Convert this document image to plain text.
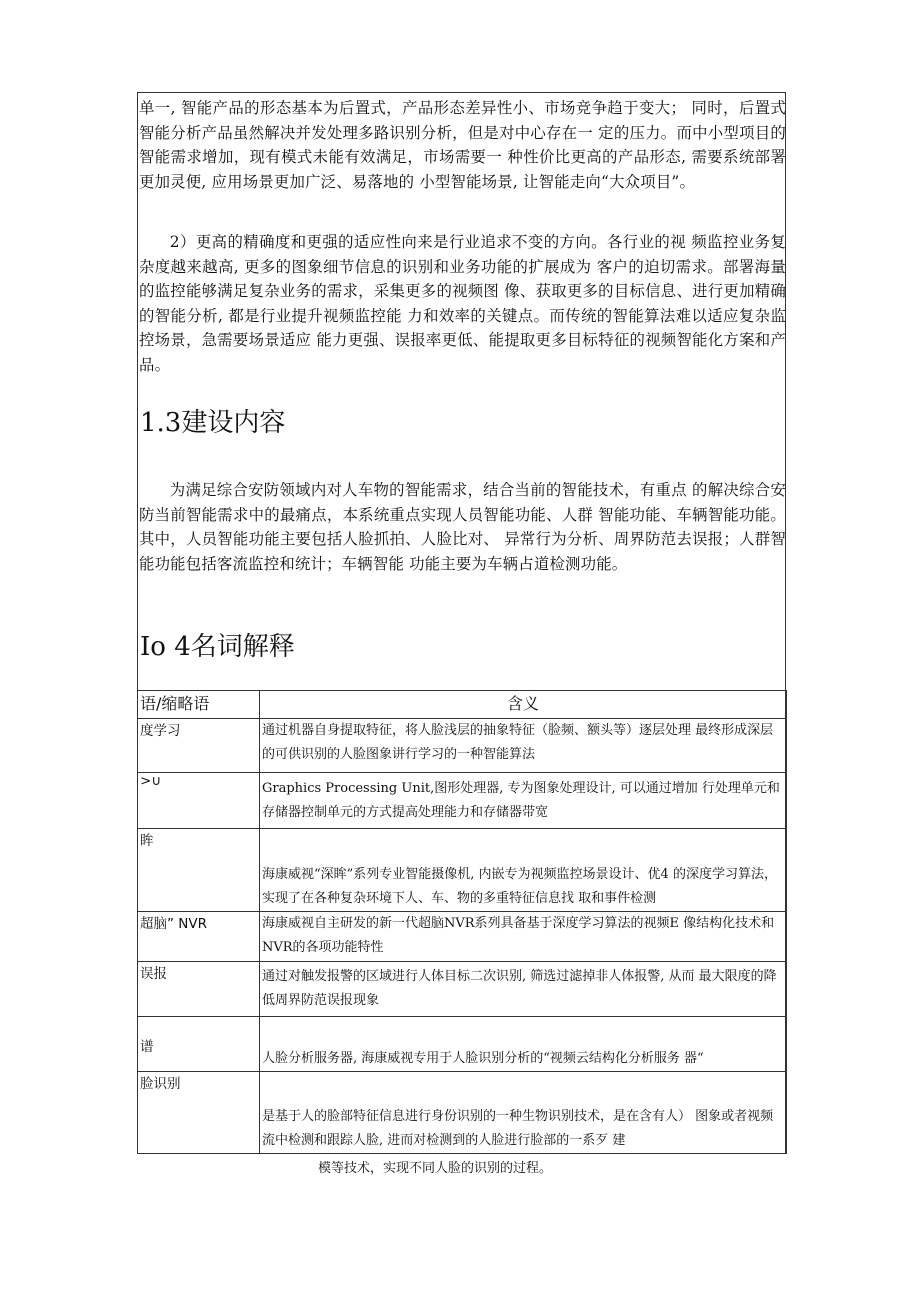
单一, 智能产品的形态基本为后置式，产品形态差异性小、市场竞争趋于变大； 同时，后置式智能分析产品虽然解决并发处理多路识别分析，但是对中心存在一 定的压力。而中小型项目的智能需求增加，现有模式未能有效满足，市场需要一 种性价比更高的产品形态, 需要系统部署更加灵便, 应用场景更加广泛、易落地的 小型智能场景, 让智能走向“大众项目”。

2）更高的精确度和更强的适应性向来是行业追求不变的方向。各行业的视 频监控业务复杂度越来越高, 更多的图象细节信息的识别和业务功能的扩展成为 客户的迫切需求。部署海量的监控能够满足复杂业务的需求，采集更多的视频图 像、获取更多的目标信息、进行更加精确的智能分析, 都是行业提升视频监控能 力和效率的关键点。而传统的智能算法难以适应复杂监控场景，急需要场景适应 能力更强、误报率更低、能提取更多目标特征的视频智能化方案和产品。

1.3建设内容

为满足综合安防领域内对人车物的智能需求，结合当前的智能技术，有重点 的解决综合安防当前智能需求中的最痛点，本系统重点实现人员智能功能、人群 智能功能、车辆智能功能。其中，人员智能功能主要包括人脸抓拍、人脸比对、 异常行为分析、周界防范去误报；人群智能功能包括客流监控和统计；车辆智能 功能主要为车辆占道检测功能。

Io 4名词解释
语/缩略语	含义
度学习	通过机器自身提取特征，将人脸浅层的抽象特征（脸频、额头等）逐层处理 最终形成深层的可供识别的人脸图象讲行学习的一种智能算法
>∪	Graphics Processing Unit,图形处理器, 专为图象处理设计, 可以通过增加 行处理单元和存储器控制单元的方式提高处理能力和存储器带宽
眸	海康威视“深眸”系列专业智能摄像机, 内嵌专为视频监控场景设计、优4 的深度学习算法，实现了在各种复杂环境下人、车、物的多重特征信息找 取和事件检测
超脑” NVR	海康威视自主研发的新一代超脑NVR系列具备基于深度学习算法的视频E 像结构化技术和NVR的各项功能特性
误报	通过对触发报警的区域进行人体目标二次识别, 筛选过滤掉非人体报警, 从而 最大限度的降低周界防范误报现象
谱	人脸分析服务器, 海康威视专用于人脸识别分析的“视频云结构化分析服务 器“
脸识别	是基于人的脸部特征信息进行身份识别的一种生物识别技术，是在含有人） 图象或者视频流中检测和跟踪人脸, 进而对检测到的人脸进行脸部的一系歹 建

模等技术，实现不同人脸的识别的过程。
